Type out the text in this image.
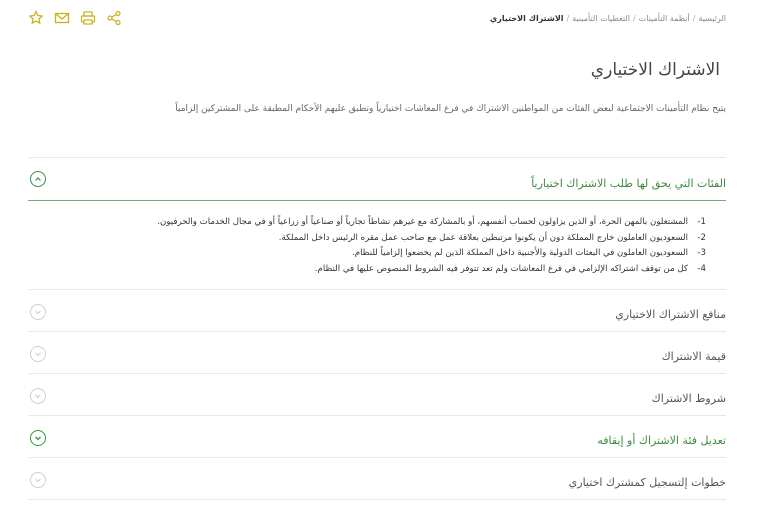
الرئيسية/أنظمة التأمينات/التغطيات التأمينية/الاشتراك الاختياري
الاشتراك الاختياري

يتيح نظام التأمينات الاجتماعية لبعض الفئات من المواطنين الاشتراك في فرع المعاشات اختيارياً وتطبق عليهم الأحكام المطبقة على المشتركين إلزامياً

الفئات التي يحق لها طلب الاشتراك اختيارياً
1-المشتغلون بالمهن الحرة، أو الذين يزاولون لحساب أنفسهم، أو بالمشاركة مع غيرهم نشاطاً تجارياً أو صناعياً أو زراعياً أو في مجال الخدمات والحرفيون.
2-السعوديون العاملون خارج المملكة دون أن يكونوا مرتبطين بعلاقة عمل مع صاحب عمل مقره الرئيس داخل المملكة.
3-السعوديون العاملون في البعثات الدولية والأجنبية داخل المملكة الذين لم يخضعوا إلزامياً للنظام.
4-كل من توقف اشتراكه الإلزامي في فرع المعاشات ولم تعد تتوفر فيه الشروط المنصوص عليها في النظام.
منافع الاشتراك الاختياري
قيمة الاشتراك
شروط الاشتراك
تعديل فئة الاشتراك أو إيقافه
خطوات إلتسجيل كمشترك اختياري
